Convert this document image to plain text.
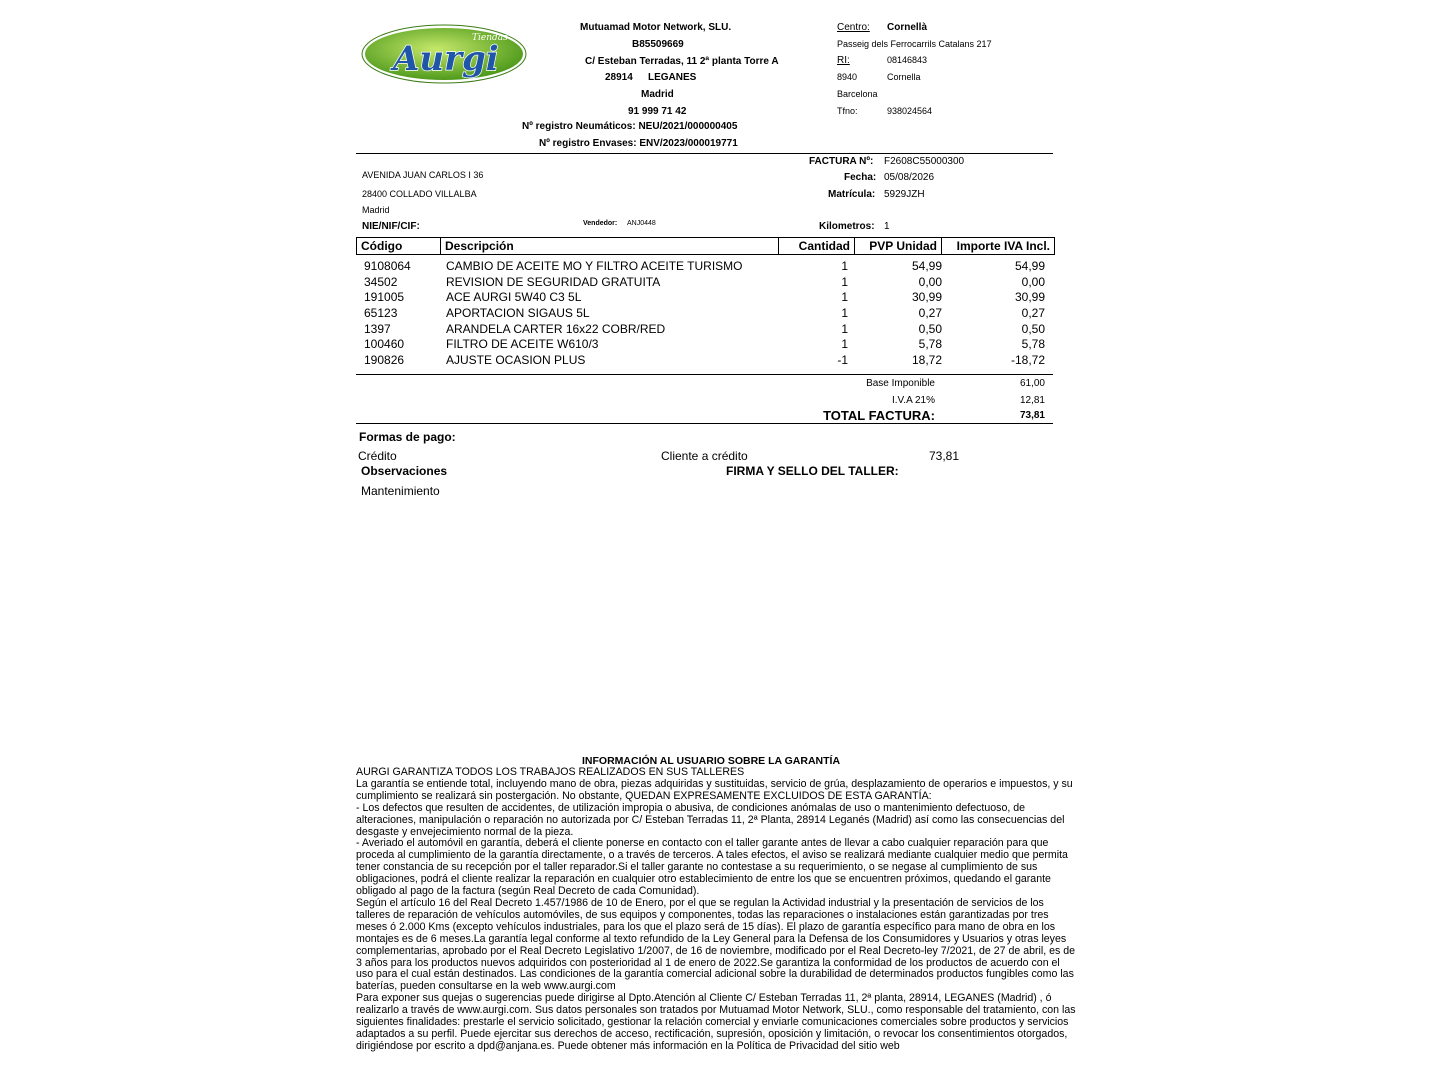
Tiendas
Aurgi
Mutuamad Motor Network, SLU.
B85509669
C/ Esteban Terradas, 11 2ª planta Torre A
28914 LEGANES
Madrid
91 999 71 42
Nº registro Neumáticos: NEU/2021/000000405
Nº registro Envases: ENV/2023/000019771
Centro: Cornellà
Passeig dels Ferrocarrils Catalans 217
RI:	08146843
8940	Cornella
Barcelona
Tfno:	938024564
FACTURA Nº: F2608C55000300
Fecha: 05/08/2026
Matrícula: 5929JZH
Kilometros: 1
AVENIDA JUAN CARLOS I 36
28400 COLLADO VILLALBA
Madrid
NIE/NIF/CIF:	Vendedor: ANJ0448
Código	Descripción	Cantidad	PVP Unidad	Importe IVA Incl.
9108064	CAMBIO DE ACEITE MO Y FILTRO ACEITE TURISMO	1	54,99	54,99
34502	REVISION DE SEGURIDAD GRATUITA	1	0,00	0,00
191005	ACE AURGI 5W40 C3 5L	1	30,99	30,99
65123	APORTACION SIGAUS 5L	1	0,27	0,27
1397	ARANDELA CARTER 16x22 COBR/RED	1	0,50	0,50
100460	FILTRO DE ACEITE W610/3	1	5,78	5,78
190826	AJUSTE OCASION PLUS	-1	18,72	-18,72
Base Imponible	61,00
I.V.A 21%	12,81
TOTAL FACTURA:	73,81
Formas de pago:
Crédito	Cliente a crédito	73,81
Observaciones	FIRMA Y SELLO DEL TALLER:
Mantenimiento
INFORMACIÓN AL USUARIO SOBRE LA GARANTÍA

AURGI GARANTIZA TODOS LOS TRABAJOS REALIZADOS EN SUS TALLERES

La garantía se entiende total, incluyendo mano de obra, piezas adquiridas y sustituidas, servicio de grúa, desplazamiento de operarios e impuestos, y su cumplimiento se realizará sin postergación. No obstante, QUEDAN EXPRESAMENTE EXCLUIDOS DE ESTA GARANTÍA:

- Los defectos que resulten de accidentes, de utilización impropia o abusiva, de condiciones anómalas de uso o mantenimiento defectuoso, de alteraciones, manipulación o reparación no autorizada por C/ Esteban Terradas 11, 2ª Planta, 28914 Leganés (Madrid) así como las consecuencias del desgaste y envejecimiento normal de la pieza.

- Averiado el automóvil en garantía, deberá el cliente ponerse en contacto con el taller garante antes de llevar a cabo cualquier reparación para que proceda al cumplimiento de la garantía directamente, o a través de terceros. A tales efectos, el aviso se realizará mediante cualquier medio que permita tener constancia de su recepción por el taller reparador.Si el taller garante no contestase a su requerimiento, o se negase al cumplimiento de sus obligaciones, podrá el cliente realizar la reparación en cualquier otro establecimiento de entre los que se encuentren próximos, quedando el garante obligado al pago de la factura (según Real Decreto de cada Comunidad).

Según el artículo 16 del Real Decreto 1.457/1986 de 10 de Enero, por el que se regulan la Actividad industrial y la presentación de servicios de los talleres de reparación de vehículos automóviles, de sus equipos y componentes, todas las reparaciones o instalaciones están garantizadas por tres meses ó 2.000 Kms (excepto vehículos industriales, para los que el plazo será de 15 días). El plazo de garantía específico para mano de obra en los montajes es de 6 meses.La garantía legal conforme al texto refundido de la Ley General para la Defensa de los Consumidores y Usuarios y otras leyes complementarias, aprobado por el Real Decreto Legislativo 1/2007, de 16 de noviembre, modificado por el Real Decreto-ley 7/2021, de 27 de abril, es de 3 años para los productos nuevos adquiridos con posterioridad al 1 de enero de 2022.Se garantiza la conformidad de los productos de acuerdo con el uso para el cual están destinados. Las condiciones de la garantía comercial adicional sobre la durabilidad de determinados productos fungibles como las baterías, pueden consultarse en la web www.aurgi.com

Para exponer sus quejas o sugerencias puede dirigirse al Dpto.Atención al Cliente C/ Esteban Terradas 11, 2ª planta, 28914, LEGANES (Madrid) , ó realizarlo a través de www.aurgi.com. Sus datos personales son tratados por Mutuamad Motor Network, SLU., como responsable del tratamiento, con las siguientes finalidades: prestarle el servicio solicitado, gestionar la relación comercial y enviarle comunicaciones comerciales sobre productos y servicios adaptados a su perfil. Puede ejercitar sus derechos de acceso, rectificación, supresión, oposición y limitación, o revocar los consentimientos otorgados, dirigiéndose por escrito a dpd@anjana.es. Puede obtener más información en la Política de Privacidad del sitio web
